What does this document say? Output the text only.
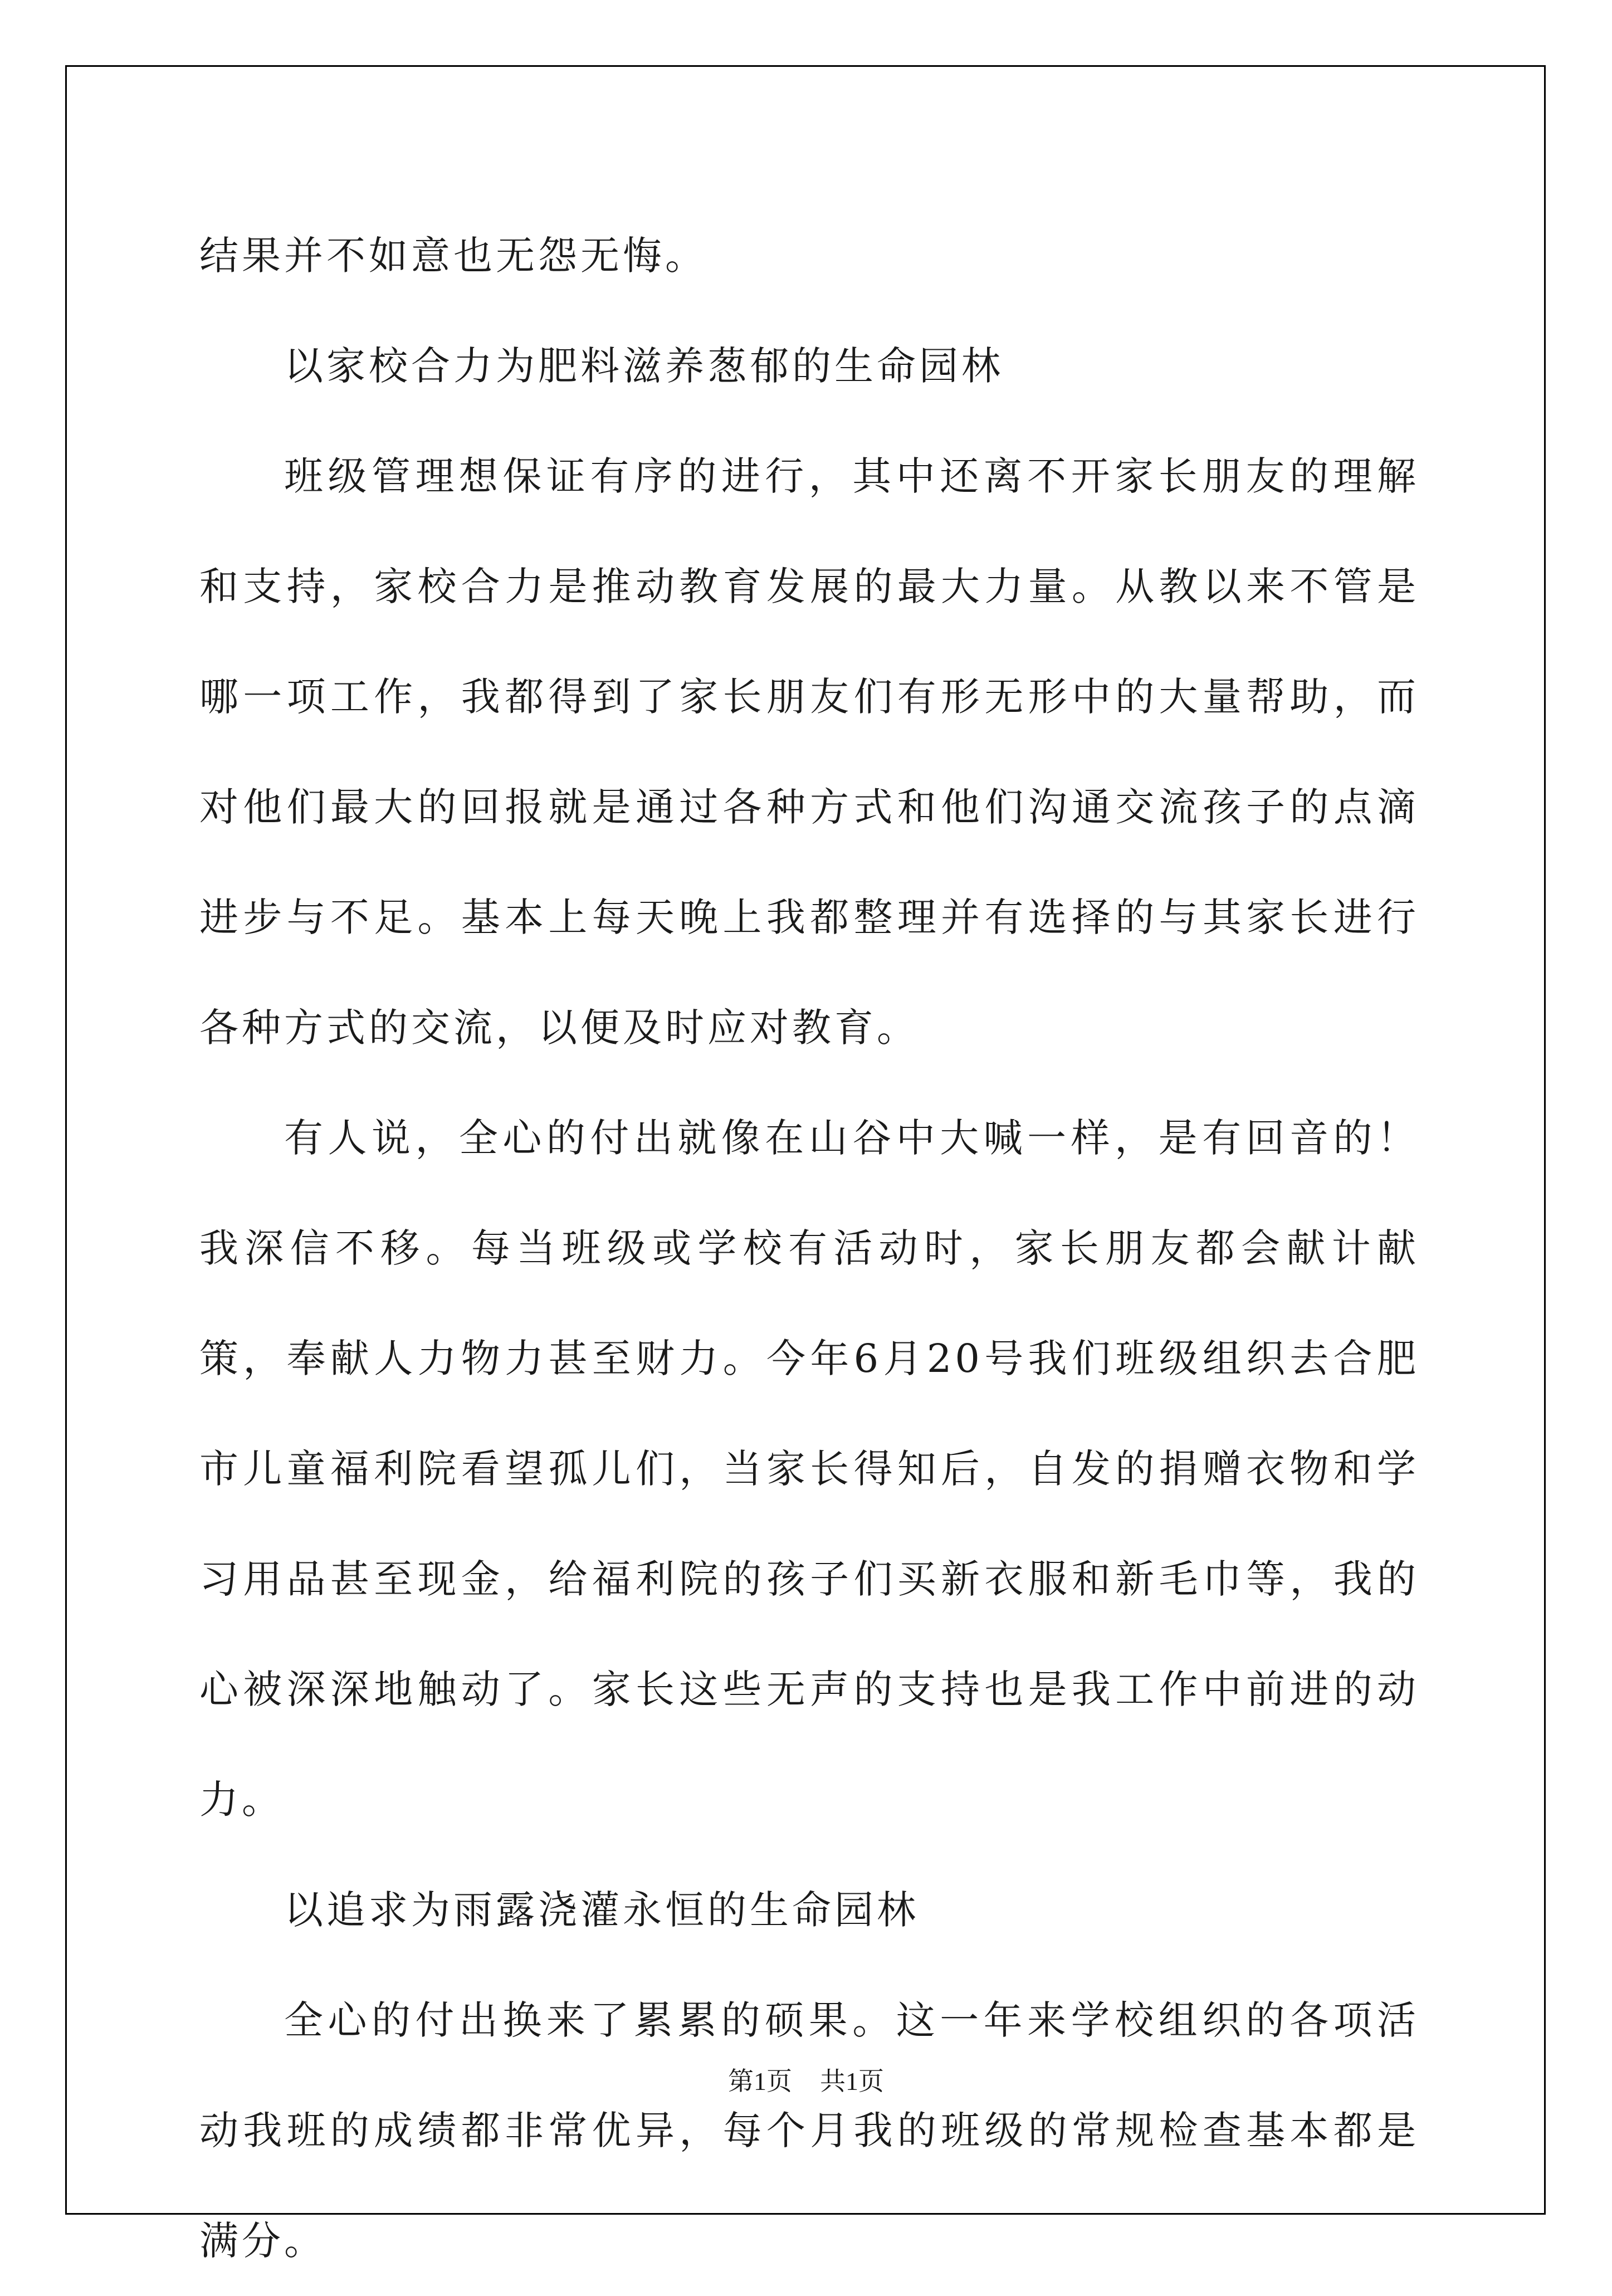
结果并不如意也无怨无悔。

以家校合力为肥料滋养葱郁的生命园林

班级管理想保证有序的进行，其中还离不开家长朋友的理解和支持，家校合力是推动教育发展的最大力量。从教以来不管是哪一项工作，我都得到了家长朋友们有形无形中的大量帮助，而对他们最大的回报就是通过各种方式和他们沟通交流孩子的点滴进步与不足。基本上每天晚上我都整理并有选择的与其家长进行各种方式的交流，以便及时应对教育。

有人说，全心的付出就像在山谷中大喊一样，是有回音的！我深信不移。每当班级或学校有活动时，家长朋友都会献计献策，奉献人力物力甚至财力。今年6月20号我们班级组织去合肥市儿童福利院看望孤儿们，当家长得知后，自发的捐赠衣物和学习用品甚至现金，给福利院的孩子们买新衣服和新毛巾等，我的心被深深地触动了。家长这些无声的支持也是我工作中前进的动力。

以追求为雨露浇灌永恒的生命园林

全心的付出换来了累累的硕果。这一年来学校组织的各项活动我班的成绩都非常优异，每个月我的班级的常规检查基本都是满分。

第1页 共1页
